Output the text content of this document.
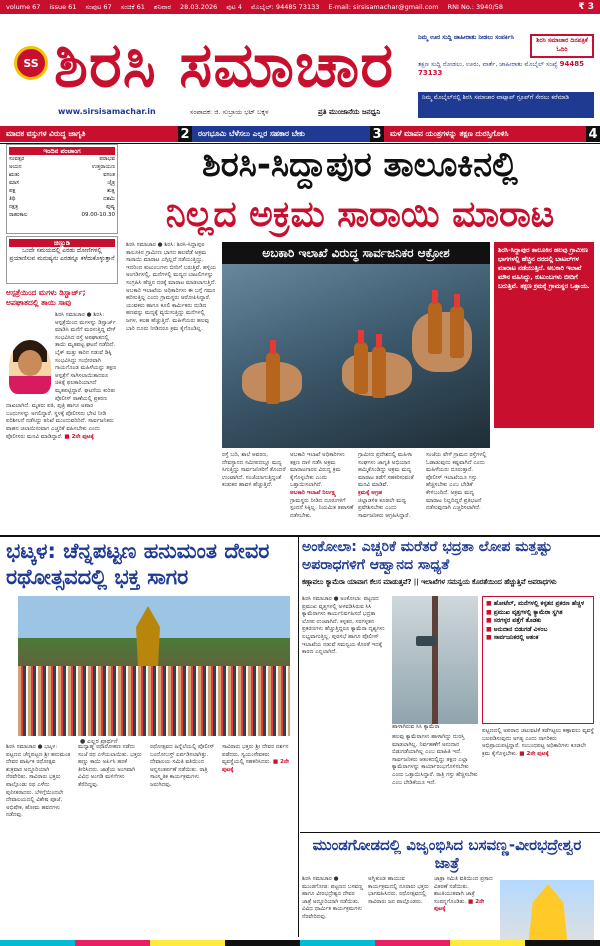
volume 67 issue 61 ಸಂಪುಟ 67 ಸಂಚಿಕೆ 61 ಶನಿವಾರ 28.03.2026 ಪುಟ 4 ಮೊಬೈಲ್: 94485 73133 E-mail: sirsisamachar@gmail.com RNI No.: 3940/58	₹ 3
SS ಶಿರಸಿ ಸಮಾಚಾರ
www.sirsisamachar.in	ಸಂಪಾದಕ: ಜಿ. ಸುಬ್ರಾಯ ಭಟ್ ಬಕ್ಕಳ	ಪ್ರತಿ ಮುಂಜಾನೆಯ ಜನಧ್ವನಿ
ನಿಮ್ಮ ಊರ ಸುದ್ದಿ ಜಾಹೀರಾತು ನೀಡಲು ಸಂಪರ್ಕಿಸಿ	ಶಿರಸಿ ಸಮಾಚಾರ ದಿನಪತ್ರಿಕೆ ಓದಿರಿ
ತಕ್ಷಣ ಸುದ್ದಿ ನೋಡಲು, ಊರು, ವಾರ್ತೆ, ಜಾಹೀರಾತು ಮೊಬೈಲ್ ಸಂಖ್ಯೆ 94485 73133
ನಿಮ್ಮ ಮೊಬೈಲ್‌ನಲ್ಲಿ ಶಿರಸಿ ಸಮಾಚಾರ ವಾಟ್ಸಾಪ್ ಗ್ರೂಪ್‌ಗೆ ಸೇರಲು ಕರೆಮಾಡಿ
ಮಾದಕ ವಸ್ತುಗಳ ವಿರುದ್ಧ ಜಾಗೃತಿ	2	ರಂಗಭೂಮಿ ಬೆಳೆಸಲು ಎಲ್ಲರ ಸಹಕಾರ ಬೇಕು	3	ಮಳೆ ಮಾಪನ ಯಂತ್ರಗಳನ್ನು ತಕ್ಷಣ ದುರಸ್ತಿಗೊಳಿಸಿ	4
ಇಂದಿನ ಪಂಚಾಂಗ
ಸಂವತ್ಸರ	ಪರಾಭವ
ಅಯನ	ಉತ್ತರಾಯಣ
ಋತು	ವಸಂತ
ಮಾಸ	ಚೈತ್ರ
ಪಕ್ಷ	ಶುಕ್ಲ
ತಿಥಿ	ದಶಮಿ
ನಕ್ಷತ್ರ	ಪುಷ್ಯ
ರಾಹುಕಾಲ	09.00-10.30
ಚಿಣ್ಣುಡಿ
ಒಂದೇ ಸಮಯದಲ್ಲಿ ಎರಡು ದೋಣಿಗಳಲ್ಲಿ ಪ್ರಯಾಣಿಸುವ ಮನುಷ್ಯನು ಎರಡನ್ನೂ ಕಳೆದುಕೊಳ್ಳುತ್ತಾನೆ
ಆಸ್ಪತ್ರೆಯಿಂದ ಮಗಳು ಡಿಸ್ಚಾರ್ಜ್; ಅಪಘಾತದಲ್ಲಿ ತಾಯಿ ಸಾವು
ಶಿರಸಿ ಸಮಾಚಾರ ● ಶಿರಸಿ: ಆಸ್ಪತ್ರೆಯಿಂದ ಮಗಳನ್ನು ಡಿಸ್ಚಾರ್ಜ್ ಮಾಡಿಸಿ ಮನೆಗೆ ಮರಳುತ್ತಿದ್ದ ವೇಳೆ ಸಂಭವಿಸಿದ ರಸ್ತೆ ಅಪಘಾತದಲ್ಲಿ ತಾಯಿ ಮೃತಪಟ್ಟ ಘಟನೆ ನಡೆದಿದೆ. ಬೈಕ್ ಮತ್ತು ಕಾರಿನ ನಡುವೆ ಡಿಕ್ಕಿ ಸಂಭವಿಸಿದ್ದು ಗಂಭೀರವಾಗಿ ಗಾಯಗೊಂಡ ಮಹಿಳೆಯನ್ನು ತಕ್ಷಣ ಆಸ್ಪತ್ರೆಗೆ ಸಾಗಿಸಲಾಯಿತಾದರೂ ಚಿಕಿತ್ಸೆ ಫಲಕಾರಿಯಾಗದೆ ಮೃತಪಟ್ಟಿದ್ದಾರೆ. ಘಟನೆಯ ಕುರಿತು ಪೊಲೀಸ್ ಠಾಣೆಯಲ್ಲಿ ಪ್ರಕರಣ ದಾಖಲಾಗಿದೆ. ಮೃತರು ಪತಿ, ಪುತ್ರಿ ಹಾಗೂ ಅಪಾರ ಬಂಧುಗಳನ್ನು ಅಗಲಿದ್ದಾರೆ. ಸ್ಥಳಕ್ಕೆ ಪೊಲೀಸರು ಭೇಟಿ ನೀಡಿ ಪರಿಶೀಲನೆ ನಡೆಸಿದ್ದು ತನಿಖೆ ಮುಂದುವರಿದಿದೆ. ಸಾರ್ವಜನಿಕರು ವಾಹನ ಚಲಾಯಿಸುವಾಗ ಎಚ್ಚರಿಕೆ ವಹಿಸಬೇಕು ಎಂದು ಪೊಲೀಸರು ಮನವಿ ಮಾಡಿದ್ದಾರೆ. ■ 2ನೇ ಪುಟಕ್ಕೆ
ಶಿರಸಿ-ಸಿದ್ದಾಪುರ ತಾಲೂಕಿನಲ್ಲಿ
ನಿಲ್ಲದ ಅಕ್ರಮ ಸಾರಾಯಿ ಮಾರಾಟ
ಶಿರಸಿ ಸಮಾಚಾರ ● ಶಿರಸಿ: ಶಿರಸಿ-ಸಿದ್ದಾಪುರ ತಾಲೂಕಿನ ಗ್ರಾಮೀಣ ಭಾಗದ ಹಲವೆಡೆ ಅಕ್ರಮ ಸಾರಾಯಿ ಮಾರಾಟ ಎಗ್ಗಿಲ್ಲದೆ ನಡೆಯುತ್ತಿದ್ದು, ಇದರಿಂದ ಕುಟುಂಬಗಳು ಬೀದಿಗೆ ಬರುತ್ತಿವೆ. ಹಳ್ಳಿಯ ಅಂಗಡಿಗಳಲ್ಲಿ, ಮನೆಗಳಲ್ಲಿ ಮದ್ಯದ ಬಾಟಲಿಗಳನ್ನು ಸಂಗ್ರಹಿಸಿ ಹೆಚ್ಚಿನ ದರಕ್ಕೆ ಮಾರಾಟ ಮಾಡಲಾಗುತ್ತಿದೆ. ಅಬಕಾರಿ ಇಲಾಖೆಯ ಅಧಿಕಾರಿಗಳು ಈ ಬಗ್ಗೆ ಗಮನ ಹರಿಸುತ್ತಿಲ್ಲ ಎಂದು ಗ್ರಾಮಸ್ಥರು ಆರೋಪಿಸಿದ್ದಾರೆ. ಯುವಕರು ಹಾಗೂ ಕೂಲಿ ಕಾರ್ಮಿಕರು ದುಡಿದ ಹಣವನ್ನು ಮದ್ಯಕ್ಕೆ ವ್ಯಯಿಸುತ್ತಿದ್ದು ಮನೆಗಳಲ್ಲಿ ಜಗಳ, ಕಲಹ ಹೆಚ್ಚುತ್ತಿದೆ. ಮಹಿಳೆಯರು ಹಲವು ಬಾರಿ ದೂರು ನೀಡಿದರೂ ಕ್ರಮ ಕೈಗೊಂಡಿಲ್ಲ.
ಅಬಕಾರಿ ಇಲಾಖೆ ವಿರುದ್ಧ ಸಾರ್ವಜನಿಕರ ಆಕ್ರೋಶ	ಶಿರಸಿ-ಸಿದ್ದಾಪುರ ತಾಲೂಕಿನ ಹಲವು ಗ್ರಾಮೀಣ ಭಾಗಗಳಲ್ಲಿ ಹೆಚ್ಚಿನ ದರದಲ್ಲಿ ಬಾಟಲ್‌ಗಳ ಮಾರಾಟ ನಡೆಯುತ್ತಿದೆ. ಅಬಕಾರಿ ಇಲಾಖೆ ಮೌನ ವಹಿಸಿದ್ದು, ಕುಟುಂಬಗಳು ಬೀದಿಗೆ ಬರುತ್ತಿವೆ. ತಕ್ಷಣ ಕ್ರಮಕ್ಕೆ ಗ್ರಾಮಸ್ಥರ ಒತ್ತಾಯ.
ರಸ್ತೆ ಬದಿ, ಶಾಲೆ ಆವರಣ, ದೇವಸ್ಥಾನದ ಸಮೀಪದಲ್ಲೂ ಮದ್ಯ ಸಿಗುತ್ತಿದ್ದು ಸಾರ್ವಜನಿಕರಿಗೆ ತೊಂದರೆ ಉಂಟಾಗಿದೆ. ಸಂಜೆಯಾಗುತ್ತಿದ್ದಂತೆ ಕುಡುಕರ ಹಾವಳಿ ಹೆಚ್ಚುತ್ತಿದೆ.
ಅಬಕಾರಿ ಇಲಾಖೆ ಅಧಿಕಾರಿಗಳು ತಕ್ಷಣ ದಾಳಿ ನಡೆಸಿ ಅಕ್ರಮ ಮಾರಾಟಗಾರರ ವಿರುದ್ಧ ಕ್ರಮ ಕೈಗೊಳ್ಳಬೇಕು ಎಂದು ಒತ್ತಾಯಿಸಲಾಗಿದೆ.
ಅಬಕಾರಿ ಇಲಾಖೆ ನಿರ್ಲಕ್ಷ್ಯ
ಗ್ರಾಮಸ್ಥರು ನೀಡಿದ ದೂರುಗಳಿಗೆ ಸ್ಪಂದನೆ ಸಿಕ್ಕಿಲ್ಲ. ನಿಯಮಿತ ತಪಾಸಣೆ ನಡೆಸಬೇಕು.
ಗ್ರಾಮೀಣ ಪ್ರದೇಶದಲ್ಲಿ ಮಹಿಳಾ ಸಂಘಗಳು ಜಾಗೃತಿ ಅಭಿಯಾನ ಹಮ್ಮಿಕೊಂಡಿದ್ದು ಅಕ್ರಮ ಮದ್ಯ ಮಾರಾಟ ತಡೆಗೆ ಸಹಕರಿಸುವಂತೆ ಮನವಿ ಮಾಡಿವೆ.
ಕ್ರಮಕ್ಕೆ ಆಗ್ರಹ
ಜಿಲ್ಲಾಡಳಿತ ಕೂಡಲೇ ಮಧ್ಯ ಪ್ರವೇಶಿಸಬೇಕು ಎಂದು ಸಾರ್ವಜನಿಕರು ಆಗ್ರಹಿಸಿದ್ದಾರೆ.
ಸಂಜೆಯ ವೇಳೆ ಗ್ರಾಮದ ರಸ್ತೆಗಳಲ್ಲಿ ಓಡಾಡುವುದು ಕಷ್ಟವಾಗಿದೆ ಎಂದು ಮಹಿಳೆಯರು ದೂರುತ್ತಾರೆ. ಪೊಲೀಸ್ ಇಲಾಖೆಯೂ ಗಸ್ತು ಹೆಚ್ಚಿಸಬೇಕು ಎಂಬ ಬೇಡಿಕೆ ಕೇಳಿಬಂದಿದೆ. ಅಕ್ರಮ ಮದ್ಯ ಮಾರಾಟ ನಿಲ್ಲದಿದ್ದರೆ ಪ್ರತಿಭಟನೆ ನಡೆಸುವುದಾಗಿ ಎಚ್ಚರಿಸಲಾಗಿದೆ.
ಭಟ್ಕಳ: ಚೆನ್ನಪಟ್ಟಣ ಹನುಮಂತ ದೇವರ ರಥೋತ್ಸವದಲ್ಲಿ ಭಕ್ತ ಸಾಗರ
● ಎಲ್ಲರ ಪ್ರಾರ್ಥನೆ
ಶಿರಸಿ ಸಮಾಚಾರ ● ಭಟ್ಕಳ: ಪಟ್ಟಣದ ಚೆನ್ನಪಟ್ಟಣ ಶ್ರೀ ಹನುಮಂತ ದೇವರ ವಾರ್ಷಿಕ ರಥೋತ್ಸವ ಶುಕ್ರವಾರ ಅದ್ದೂರಿಯಾಗಿ ನೆರವೇರಿತು. ಸಾವಿರಾರು ಭಕ್ತರು ಪಾಲ್ಗೊಂಡು ರಥ ಎಳೆದು ಪುನೀತರಾದರು. ಬೆಳಿಗ್ಗೆಯಿಂದಲೇ ದೇವಾಲಯದಲ್ಲಿ ವಿಶೇಷ ಪೂಜೆ, ಅಭಿಷೇಕ, ಹೋಮ ಹವನಗಳು ನಡೆದವು.
ಮಧ್ಯಾಹ್ನ ರಥಾರೋಹಣ ನಡೆದು ಸಂಜೆ ರಥ ಎಳೆಯಲಾಯಿತು. ಭಕ್ತರು ಹಣ್ಣು ಕಾಯಿ ಅರ್ಪಿಸಿ ಹರಕೆ ತೀರಿಸಿದರು. ಜಾತ್ರೆಯ ಅಂಗವಾಗಿ ವಿವಿಧ ಅಂಗಡಿ ಮಳಿಗೆಗಳು ತೆರೆದಿದ್ದವು.
ರಥೋತ್ಸವದ ಹಿನ್ನೆಲೆಯಲ್ಲಿ ಪೊಲೀಸ್ ಬಂದೋಬಸ್ತ್ ಏರ್ಪಡಿಸಲಾಗಿತ್ತು. ದೇವಾಲಯ ಸಮಿತಿ ವತಿಯಿಂದ ಅನ್ನಸಂತರ್ಪಣೆ ನಡೆಯಿತು. ರಾತ್ರಿ ಸಾಂಸ್ಕೃತಿಕ ಕಾರ್ಯಕ್ರಮಗಳು ಜರುಗಿದವು.
ಸಾವಿರಾರು ಭಕ್ತರು ಶ್ರೀ ದೇವರ ದರ್ಶನ ಪಡೆದರು. ಸ್ವಯಂಸೇವಕರು ವ್ಯವಸ್ಥೆಯಲ್ಲಿ ಸಹಕರಿಸಿದರು. ■ 2ನೇ ಪುಟಕ್ಕೆ
ಅಂಕೋಲಾ: ಎಚ್ಚರಿಕೆ ಮರೆತರೆ ಭದ್ರತಾ ಲೋಪ ಮತ್ತಷ್ಟು ಅಪರಾಧಗಳಿಗೆ ಆಹ್ವಾನದ ಸಾಧ್ಯತೆ
ಕಣ್ಗಾವಲು ಕ್ಯಾಮೆರಾ ಯಾವಾಗ ಕೆಲಸ ಮಾಡುತ್ತವೆ? || ಇಲಾಖೆಗಳ ಸಮನ್ವಯ ಕೊರತೆಯಿಂದ ಹೆಚ್ಚುತ್ತಿವೆ ಅಪರಾಧಗಳು
ಶಿರಸಿ ಸಮಾಚಾರ ● ಅಂಕೋಲಾ: ಪಟ್ಟಣದ ಪ್ರಮುಖ ವೃತ್ತಗಳಲ್ಲಿ ಅಳವಡಿಸಿರುವ ಸಿಸಿ ಕ್ಯಾಮೆರಾಗಳು ಕಾರ್ಯನಿರ್ವಹಿಸದೆ ಭದ್ರತಾ ಲೋಪ ಉಂಟಾಗಿದೆ. ಕಳ್ಳತನ, ಸರಗಳ್ಳತನ ಪ್ರಕರಣಗಳು ಹೆಚ್ಚುತ್ತಿದ್ದರೂ ಕ್ಯಾಮೆರಾ ದೃಶ್ಯಗಳು ಲಭ್ಯವಾಗುತ್ತಿಲ್ಲ. ಪುರಸಭೆ ಹಾಗೂ ಪೊಲೀಸ್ ಇಲಾಖೆಯ ನಡುವೆ ಸಮನ್ವಯ ಕೊರತೆ ಇದಕ್ಕೆ ಕಾರಣ ಎನ್ನಲಾಗಿದೆ.
ಹಾಳಾಗಿರುವ ಸಿಸಿ ಕ್ಯಾಮೆರಾ
■ ಹೋಟೆಲ್, ಮನೆಗಳಲ್ಲಿ ಕಳ್ಳತನ ಪ್ರಕರಣ ಹೆಚ್ಚಳ
■ ಪ್ರಮುಖ ವೃತ್ತಗಳಲ್ಲಿ ಕ್ಯಾಮೆರಾ ಸ್ಥಗಿತ
■ ಸರಗಳ್ಳರ ಪತ್ತೆಗೆ ತೊಡಕು
■ ಅನುದಾನ ಬಿಡುಗಡೆ ವಿಳಂಬ
■ ಸಾರ್ವಜನಿಕರಲ್ಲಿ ಆತಂಕ
ಹಲವು ಕ್ಯಾಮೆರಾಗಳು ಹಾಳಾಗಿದ್ದು ದುರಸ್ತಿ ಮಾಡಲಾಗಿಲ್ಲ. ನಿರ್ವಹಣೆಗೆ ಅನುದಾನ ಬಿಡುಗಡೆಯಾಗಿಲ್ಲ ಎಂಬ ಮಾಹಿತಿ ಇದೆ. ಸಾರ್ವಜನಿಕರು ಆತಂಕದಲ್ಲಿದ್ದು ತಕ್ಷಣ ಎಲ್ಲಾ ಕ್ಯಾಮೆರಾಗಳನ್ನು ಕಾರ್ಯಾರಂಭಗೊಳಿಸಬೇಕು ಎಂದು ಒತ್ತಾಯಿಸಿದ್ದಾರೆ. ರಾತ್ರಿ ಗಸ್ತು ಹೆಚ್ಚಿಸಬೇಕು ಎಂಬ ಬೇಡಿಕೆಯೂ ಇದೆ.
ಪಟ್ಟಣದಲ್ಲಿ ಅಪರಾಧ ಚಟುವಟಿಕೆ ತಡೆಗಟ್ಟಲು ಕಣ್ಗಾವಲು ವ್ಯವಸ್ಥೆ ಬಲಪಡಿಸುವುದು ಅಗತ್ಯ ಎಂದು ನಾಗರಿಕರು ಅಭಿಪ್ರಾಯಪಟ್ಟಿದ್ದಾರೆ. ಸಂಬಂಧಪಟ್ಟ ಅಧಿಕಾರಿಗಳು ಕೂಡಲೇ ಕ್ರಮ ಕೈಗೊಳ್ಳಬೇಕು. ■ 2ನೇ ಪುಟಕ್ಕೆ
ಮುಂಡಗೋಡದಲ್ಲಿ ವಿಜೃಂಭಿಸಿದ ಬಸವಣ್ಣ-ವೀರಭದ್ರೇಶ್ವರ ಜಾತ್ರೆ
ಶಿರಸಿ ಸಮಾಚಾರ ● ಮುಂಡಗೋಡ: ಪಟ್ಟಣದ ಬಸವಣ್ಣ ಹಾಗೂ ವೀರಭದ್ರೇಶ್ವರ ದೇವರ ಜಾತ್ರೆ ಅದ್ದೂರಿಯಾಗಿ ನಡೆಯಿತು. ವಿವಿಧ ಧಾರ್ಮಿಕ ಕಾರ್ಯಕ್ರಮಗಳು ನೆರವೇರಿದವು.
ಅಗ್ನಿಕುಂಡ ಹಾಯುವ ಕಾರ್ಯಕ್ರಮದಲ್ಲಿ ನೂರಾರು ಭಕ್ತರು ಭಾಗವಹಿಸಿದರು. ರಥೋತ್ಸವದಲ್ಲಿ ಸಾವಿರಾರು ಜನ ಪಾಲ್ಗೊಂಡರು.
ಜಾತ್ರಾ ಸಮಿತಿ ವತಿಯಿಂದ ಪ್ರಸಾದ ವಿತರಣೆ ನಡೆಯಿತು. ಶಾಂತಿಯುತವಾಗಿ ಜಾತ್ರೆ ಸಂಪನ್ನಗೊಂಡಿತು. ■ 2ನೇ ಪುಟಕ್ಕೆ
